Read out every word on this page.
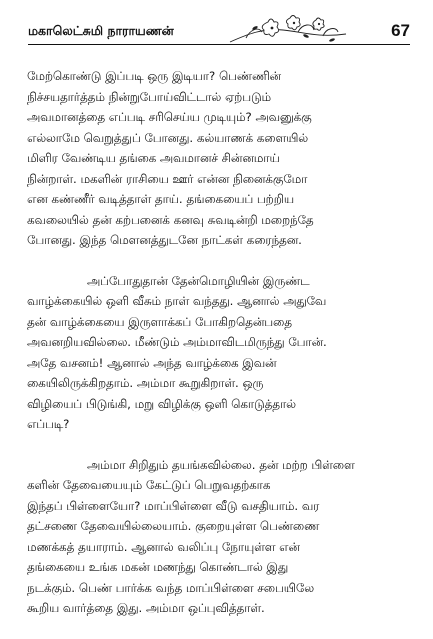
மகாலெட்சுமி நாராயணன்	67

மேற்கொண்டு இப்படி ஒரு இடியா? பெண்ணின்
நிச்சயதார்த்தம் நின்றுபோய்விட்டால் ஏற்படும்
அவமானத்தை எப்படி சரிசெய்ய முடியும்? அவனுக்கு
எல்லாமே வெறுத்துப் போனது. கல்யாணக் களையில்
மிளிர வேண்டிய தங்கை அவமானச் சின்னமாய்
நின்றாள். மகளின் ராசியை ஊர் என்ன நினைக்குமோ
என கண்ணீர் வடித்தாள் தாய். தங்கையைப் பற்றிய
கவலையில் தன் கற்பனைக் கனவு சுவடின்றி மறைந்தே
போனது. இந்த மௌனத்துடனே நாட்கள் கரைந்தன.

அப்போதுதான் தேன்மொழியின் இருண்ட
வாழ்க்கையில் ஒளி வீசும் நாள் வந்தது. ஆனால் அதுவே
தன் வாழ்க்கையை இருளாக்கப் போகிறதென்பதை
அவனறியவில்லை. மீண்டும் அம்மாவிடமிருந்து போன்.
அதே வசனம்! ஆனால் அந்த வாழ்க்கை இவன்
கையிலிருக்கிறதாம். அம்மா கூறுகிறாள். ஒரு
விழியைப் பிடுங்கி, மறு விழிக்கு ஒளி கொடுத்தால்
எப்படி?

அம்மா சிறிதும் தயங்கவில்லை. தன் மற்ற பிள்ளை
களின் தேவையையும் கேட்டுப் பெறுவதற்காக
இந்தப் பிள்ளையோ? மாப்பிள்ளை வீடு வசதியாம். வர
தட்சணை தேவையில்லையாம். குறையுள்ள பெண்ணை
மணக்கத் தயாராம். ஆனால் வலிப்பு நோயுள்ள என்
தங்கையை உங்க மகன் மணந்து கொண்டால் இது
நடக்கும். பெண் பார்க்க வந்த மாப்பிள்ளை சபையிலே
கூறிய வார்த்தை இது. அம்மா ஒப்புவித்தாள்.
